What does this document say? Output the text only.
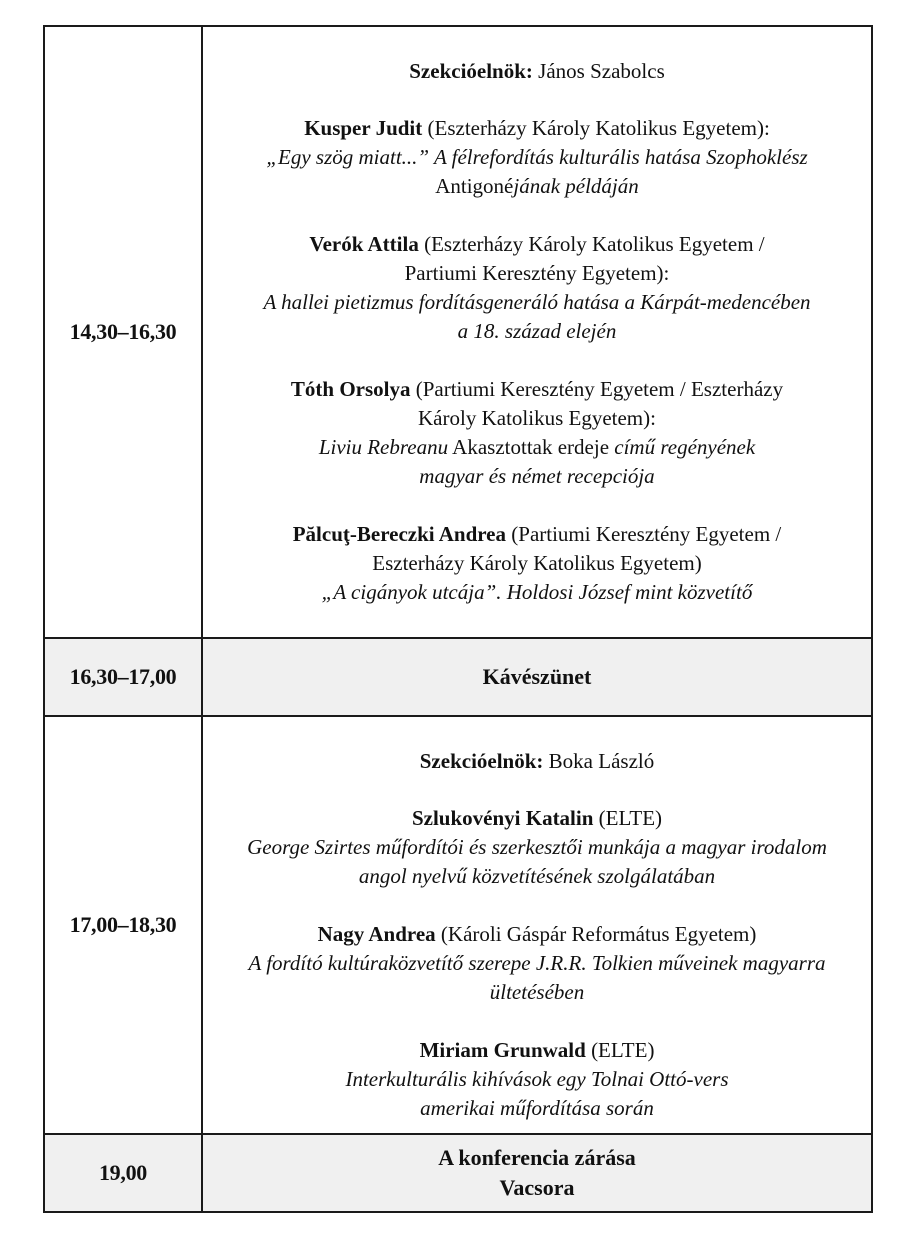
14,30–16,30
Szekcióelnök: János Szabolcs
Kusper Judit (Eszterházy Károly Katolikus Egyetem):
„Egy szög miatt...” A félrefordítás kulturális hatása Szophoklész
Antigonéjának példáján
Verók Attila (Eszterházy Károly Katolikus Egyetem /
Partiumi Keresztény Egyetem):
A hallei pietizmus fordításgeneráló hatása a Kárpát-medencében
a 18. század elején
Tóth Orsolya (Partiumi Keresztény Egyetem / Eszterházy
Károly Katolikus Egyetem):
Liviu Rebreanu Akasztottak erdeje című regényének
magyar és német recepciója
Pălcuţ-Bereczki Andrea (Partiumi Keresztény Egyetem /
Eszterházy Károly Katolikus Egyetem)
„A cigányok utcája”. Holdosi József mint közvetítő
16,30–17,00	Kávészünet
17,00–18,30
Szekcióelnök: Boka László
Szlukovényi Katalin (ELTE)
George Szirtes műfordítói és szerkesztői munkája a magyar irodalom
angol nyelvű közvetítésének szolgálatában
Nagy Andrea (Károli Gáspár Református Egyetem)
A fordító kultúraközvetítő szerepe J.R.R. Tolkien műveinek magyarra
ültetésében
Miriam Grunwald (ELTE)
Interkulturális kihívások egy Tolnai Ottó-vers
amerikai műfordítása során
19,00
A konferencia zárása
Vacsora
